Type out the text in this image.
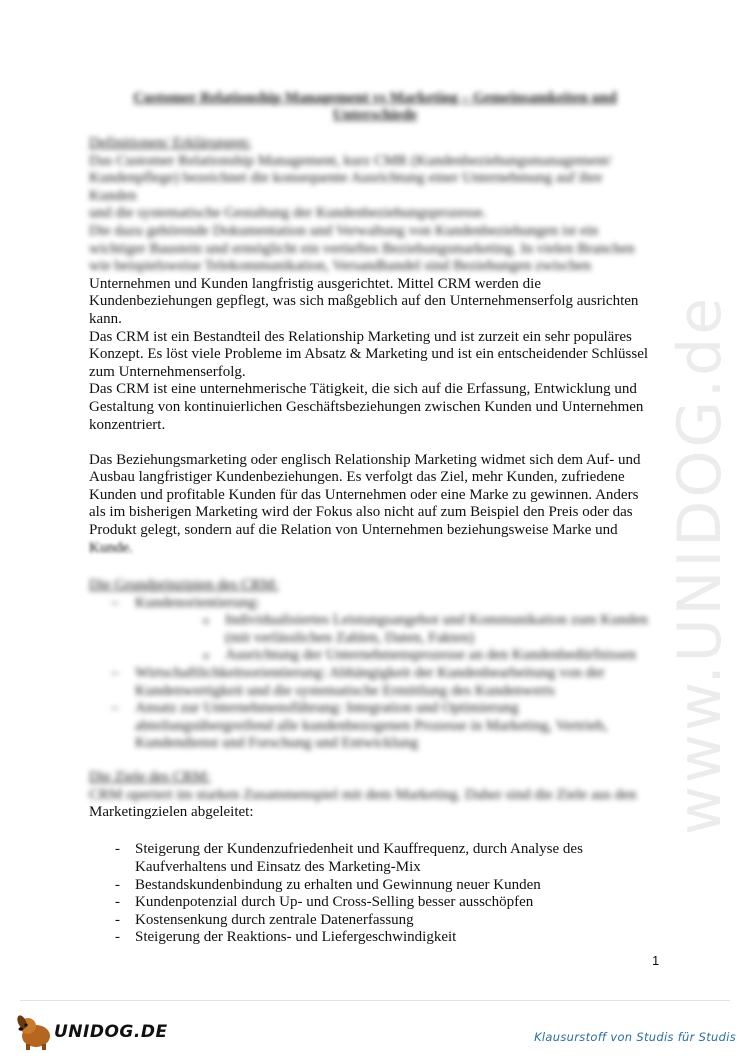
www.UNIDOG.de
Customer Relationship Management vs Marketing – Gemeinsamkeiten und Unterschiede
Definitionen/ Erklärungen:
Das Customer Relationship Management, kurz CMR (Kundenbeziehungsmanagement/
Kundenpflege) bezeichnet die konsequente Ausrichtung einer Unternehmung auf ihre Kunden
und die systematische Gestaltung der Kundenbeziehungsprozesse.
Die dazu gehörende Dokumentation und Verwaltung von Kundenbeziehungen ist ein
wichtiger Baustein und ermöglicht ein vertieftes Beziehungsmarketing. In vielen Branchen
wie beispielsweise Telekommunikation, Versandhandel sind Beziehungen zwischen

Unternehmen und Kunden langfristig ausgerichtet. Mittel CRM werden die Kundenbeziehungen gepflegt, was sich maßgeblich auf den Unternehmenserfolg ausrichten kann.

Das CRM ist ein Bestandteil des Relationship Marketing und ist zurzeit ein sehr populäres Konzept. Es löst viele Probleme im Absatz & Marketing und ist ein entscheidender Schlüssel zum Unternehmenserfolg.

Das CRM ist eine unternehmerische Tätigkeit, die sich auf die Erfassung, Entwicklung und Gestaltung von kontinuierlichen Geschäftsbeziehungen zwischen Kunden und Unternehmen konzentriert.

Das Beziehungsmarketing oder englisch Relationship Marketing widmet sich dem Auf- und Ausbau langfristiger Kundenbeziehungen. Es verfolgt das Ziel, mehr Kunden, zufriedene Kunden und profitable Kunden für das Unternehmen oder eine Marke zu gewinnen. Anders als im bisherigen Marketing wird der Fokus also nicht auf zum Beispiel den Preis oder das Produkt gelegt, sondern auf die Relation von Unternehmen beziehungsweise Marke und

Kunde.
Die Grundprinzipien des CRM:
– Kundenorientierung:
o Individualisiertes Leistungsangebot und Kommunikation zum Kunden (mit verlässlichen Zahlen, Daten, Fakten)
o Ausrichtung der Unternehmensprozesse an den Kundenbedürfnissen
– Wirtschaftlichkeitsorientierung: Abhängigkeit der Kundenbearbeitung von der Kundenwertigkeit und die systematische Ermittlung des Kundenwerts
– Ansatz zur Unternehmensführung: Integration und Optimierung abteilungsübergreifend alle kundenbezogenen Prozesse in Marketing, Vertrieb, Kundendienst und Forschung und Entwicklung
Die Ziele des CRM:
CRM operiert im starken Zusammenspiel mit dem Marketing. Daher sind die Ziele aus den
Marketingzielen abgeleitet:
- Steigerung der Kundenzufriedenheit und Kauffrequenz, durch Analyse des Kaufverhaltens und Einsatz des Marketing-Mix
- Bestandskundenbindung zu erhalten und Gewinnung neuer Kunden
- Kundenpotenzial durch Up- und Cross-Selling besser ausschöpfen
- Kostensenkung durch zentrale Datenerfassung
- Steigerung der Reaktions- und Liefergeschwindigkeit
1
UNIDOG.DE	Klausurstoff von Studis für Studis
